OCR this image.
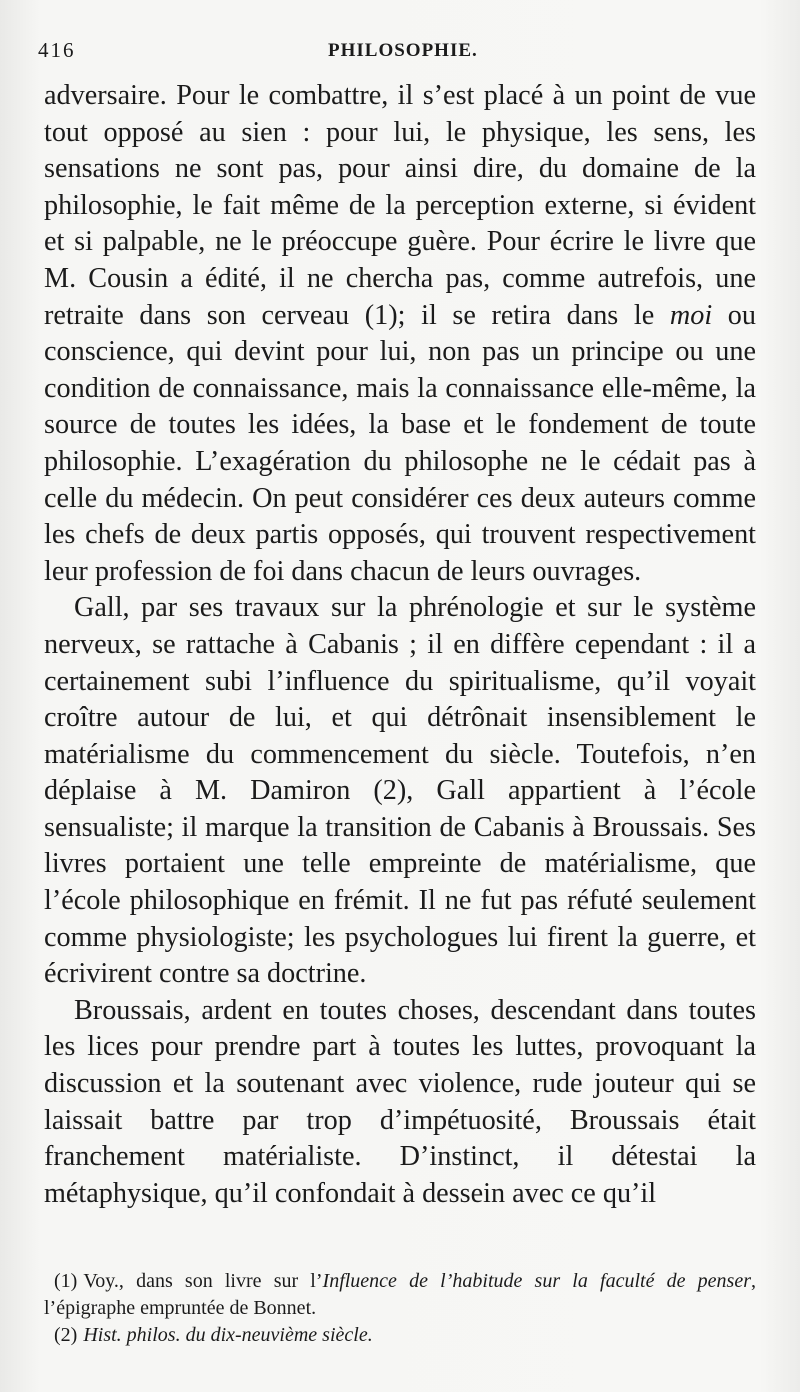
416	PHILOSOPHIE.

adversaire. Pour le combattre, il s’est placé à un point de vue tout opposé au sien : pour lui, le physique, les sens, les sensations ne sont pas, pour ainsi dire, du domaine de la philosophie, le fait même de la perception externe, si évident et si palpable, ne le préoccupe guère. Pour écrire le livre que M. Cousin a édité, il ne chercha pas, comme autrefois, une retraite dans son cerveau (1); il se retira dans le moi ou conscience, qui devint pour lui, non pas un principe ou une condition de connaissance, mais la connaissance elle-même, la source de toutes les idées, la base et le fondement de toute philosophie. L’exagération du philosophe ne le cédait pas à celle du médecin. On peut considérer ces deux auteurs comme les chefs de deux partis opposés, qui trouvent respectivement leur profession de foi dans chacun de leurs ouvrages.

Gall, par ses travaux sur la phrénologie et sur le système nerveux, se rattache à Cabanis ; il en diffère cependant : il a certainement subi l’influence du spiritualisme, qu’il voyait croître autour de lui, et qui détrônait insensiblement le matérialisme du commencement du siècle. Toutefois, n’en déplaise à M. Damiron (2), Gall appartient à l’école sensualiste; il marque la transition de Cabanis à Broussais. Ses livres portaient une telle empreinte de matérialisme, que l’école philosophique en frémit. Il ne fut pas réfuté seulement comme physiologiste; les psychologues lui firent la guerre, et écrivirent contre sa doctrine.

Broussais, ardent en toutes choses, descendant dans toutes les lices pour prendre part à toutes les luttes, provoquant la discussion et la soutenant avec violence, rude jouteur qui se laissait battre par trop d’impétuosité, Broussais était franchement matérialiste. D’instinct, il détestai la métaphysique, qu’il confondait à dessein avec ce qu’il

(1) Voy., dans son livre sur l’Influence de l’habitude sur la faculté de penser, l’épigraphe empruntée de Bonnet.

(2) Hist. philos. du dix-neuvième siècle.
